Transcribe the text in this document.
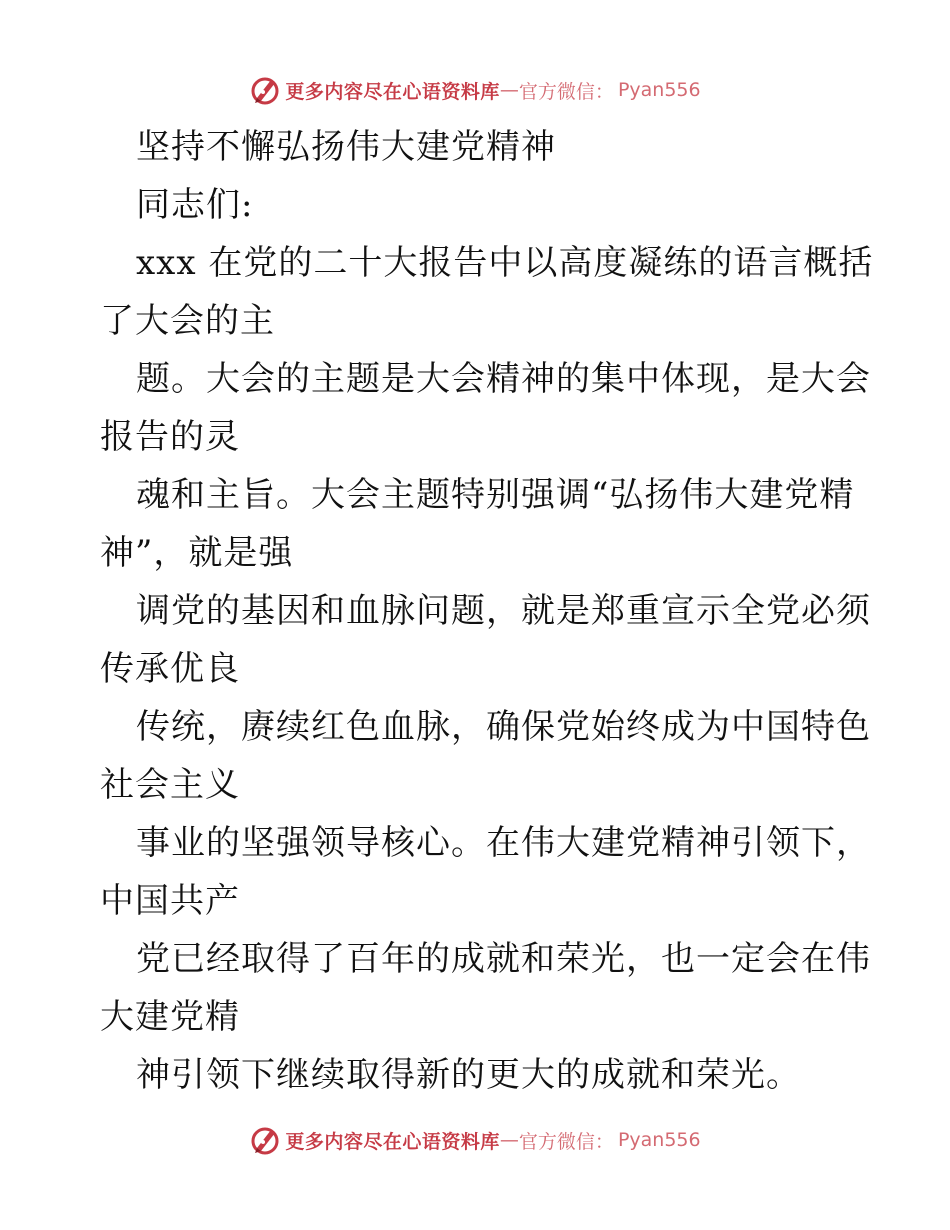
更多内容尽在心语资料库 — 官方微信： Pyan556
坚持不懈弘扬伟大建党精神
同志们:
xxx 在党的二十大报告中以高度凝练的语言概括
了大会的主
题。大会的主题是大会精神的集中体现，是大会
报告的灵
魂和主旨。大会主题特别强调“弘扬伟大建党精
神”，就是强
调党的基因和血脉问题，就是郑重宣示全党必须
传承优良
传统，赓续红色血脉，确保党始终成为中国特色
社会主义
事业的坚强领导核心。在伟大建党精神引领下，
中国共产
党已经取得了百年的成就和荣光，也一定会在伟
大建党精
神引领下继续取得新的更大的成就和荣光。
更多内容尽在心语资料库 — 官方微信： Pyan556
